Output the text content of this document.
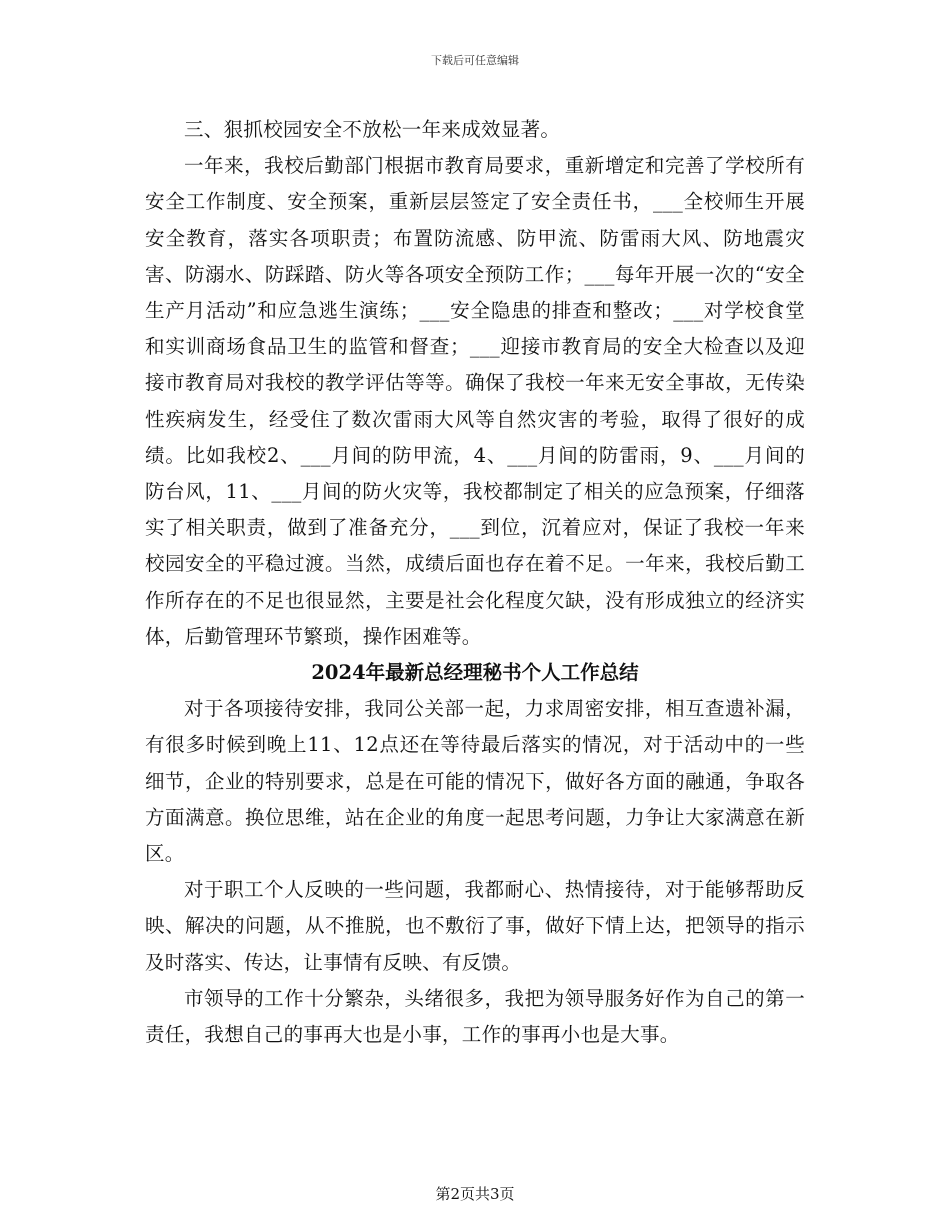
下载后可任意编辑

三、狠抓校园安全不放松一年来成效显著。

一年来，我校后勤部门根据市教育局要求，重新增定和完善了学校所有安全工作制度、安全预案，重新层层签定了安全责任书，___全校师生开展安全教育，落实各项职责；布置防流感、防甲流、防雷雨大风、防地震灾害、防溺水、防踩踏、防火等各项安全预防工作；___每年开展一次的“安全生产月活动”和应急逃生演练；___安全隐患的排查和整改；___对学校食堂和实训商场食品卫生的监管和督查；___迎接市教育局的安全大检查以及迎接市教育局对我校的教学评估等等。确保了我校一年来无安全事故，无传染性疾病发生，经受住了数次雷雨大风等自然灾害的考验，取得了很好的成绩。比如我校2、___月间的防甲流，4、___月间的防雷雨，9、___月间的防台风，11、___月间的防火灾等，我校都制定了相关的应急预案，仔细落实了相关职责，做到了准备充分，___到位，沉着应对，保证了我校一年来校园安全的平稳过渡。当然，成绩后面也存在着不足。一年来，我校后勤工作所存在的不足也很显然，主要是社会化程度欠缺，没有形成独立的经济实体，后勤管理环节繁琐，操作困难等。

2024年最新总经理秘书个人工作总结

对于各项接待安排，我同公关部一起，力求周密安排，相互查遗补漏，有很多时候到晚上11、12点还在等待最后落实的情况，对于活动中的一些细节，企业的特别要求，总是在可能的情况下，做好各方面的融通，争取各方面满意。换位思维，站在企业的角度一起思考问题，力争让大家满意在新区。

对于职工个人反映的一些问题，我都耐心、热情接待，对于能够帮助反映、解决的问题，从不推脱，也不敷衍了事，做好下情上达，把领导的指示及时落实、传达，让事情有反映、有反馈。

市领导的工作十分繁杂，头绪很多，我把为领导服务好作为自己的第一责任，我想自己的事再大也是小事，工作的事再小也是大事。

第2页共3页
